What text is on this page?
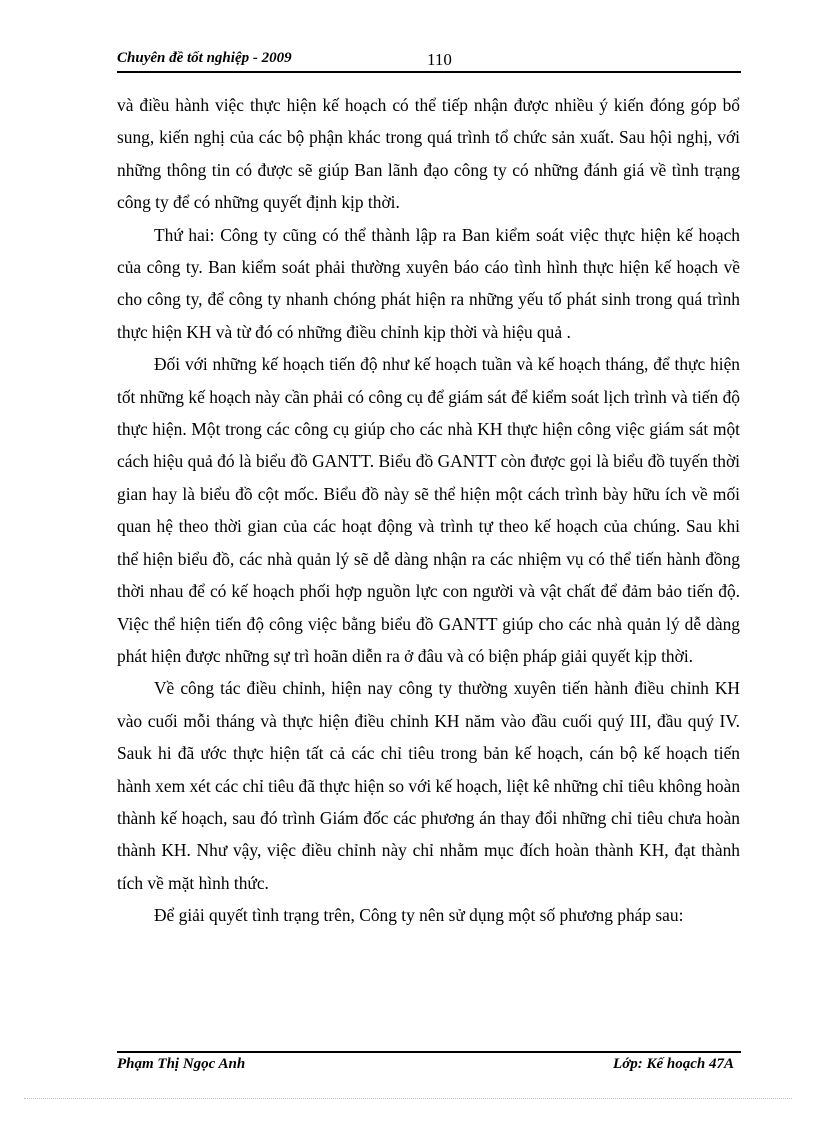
Chuyên đề tốt nghiệp - 2009	110

và điều hành việc thực hiện kế hoạch có thể tiếp nhận được nhiều ý kiến đóng góp bổ sung, kiến nghị của các bộ phận khác trong quá trình tổ chức sản xuất. Sau hội nghị, với những thông tin có được sẽ giúp Ban lãnh đạo công ty có những đánh giá về tình trạng công ty để có những quyết định kịp thời.

Thứ hai: Công ty cũng có thể thành lập ra Ban kiểm soát việc thực hiện kế hoạch của công ty. Ban kiểm soát phải thường xuyên báo cáo tình hình thực hiện kế hoạch về cho công ty, để công ty nhanh chóng phát hiện ra những yếu tố phát sinh trong quá trình thực hiện KH và từ đó có những điều chỉnh kịp thời và hiệu quả .

Đối với những kế hoạch tiến độ như kế hoạch tuần và kế hoạch tháng, để thực hiện tốt những kế hoạch này cần phải có công cụ để giám sát để kiểm soát lịch trình và tiến độ thực hiện. Một trong các công cụ giúp cho các nhà KH thực hiện công việc giám sát một cách hiệu quả đó là biểu đồ GANTT. Biểu đồ GANTT còn được gọi là biểu đồ tuyến thời gian hay là biểu đồ cột mốc. Biểu đồ này sẽ thể hiện một cách trình bày hữu ích về mối quan hệ theo thời gian của các hoạt động và trình tự theo kế hoạch của chúng. Sau khi thể hiện biểu đồ, các nhà quản lý sẽ dễ dàng nhận ra các nhiệm vụ có thể tiến hành đồng thời nhau để có kế hoạch phối hợp nguồn lực con người và vật chất để đảm bảo tiến độ. Việc thể hiện tiến độ công việc bằng biểu đồ GANTT giúp cho các nhà quản lý dễ dàng phát hiện được những sự trì hoãn diễn ra ở đâu và có biện pháp giải quyết kịp thời.

Về công tác điều chỉnh, hiện nay công ty thường xuyên tiến hành điều chỉnh KH vào cuối mỗi tháng và thực hiện điều chỉnh KH năm vào đầu cuối quý III, đầu quý IV. Sauk hi đã ước thực hiện tất cả các chỉ tiêu trong bản kế hoạch, cán bộ kế hoạch tiến hành xem xét các chỉ tiêu đã thực hiện so với kế hoạch, liệt kê những chỉ tiêu không hoàn thành kế hoạch, sau đó trình Giám đốc các phương án thay đổi những chỉ tiêu chưa hoàn thành KH. Như vậy, việc điều chỉnh này chỉ nhằm mục đích hoàn thành KH, đạt thành tích về mặt hình thức.

Để giải quyết tình trạng trên, Công ty nên sử dụng một số phương pháp sau:

Phạm Thị Ngọc Anh	Lớp: Kế hoạch 47A
